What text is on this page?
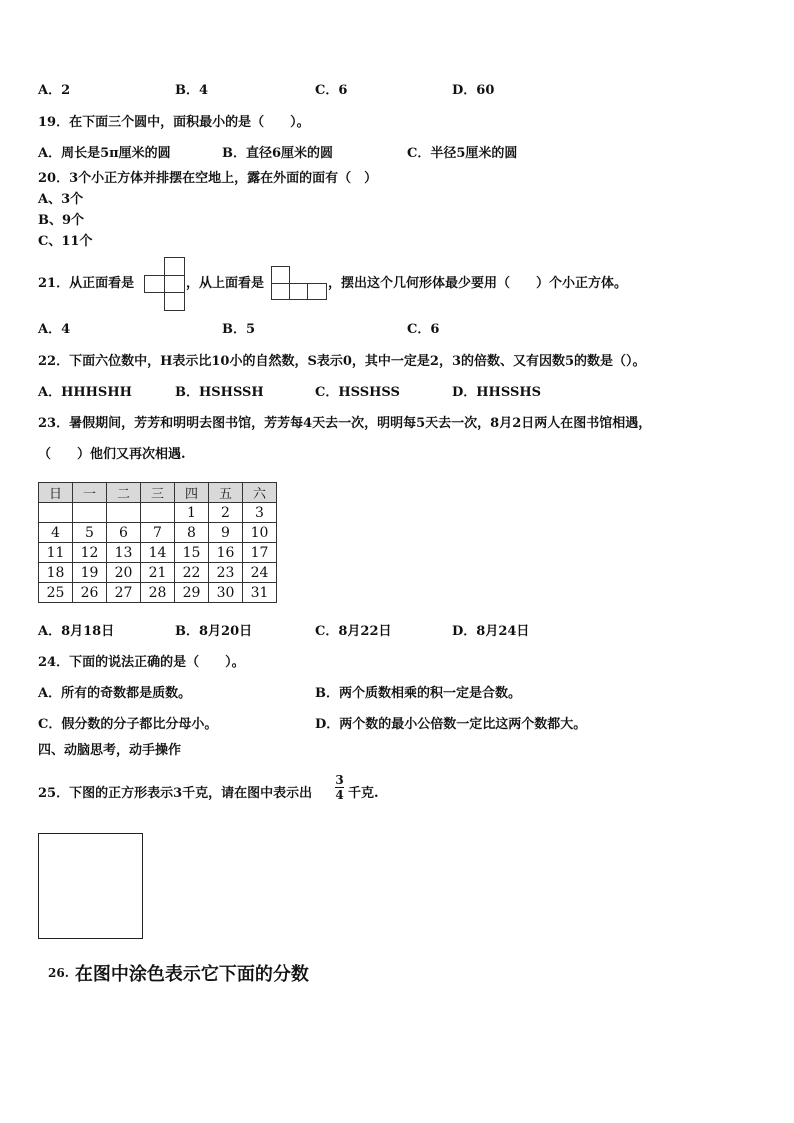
A．2	B．4	C．6	D．60
19．在下面三个圆中，面积最小的是（　　）。
A．周长是5π厘米的圆	B．直径6厘米的圆	C．半径5厘米的圆
20．3个小正方体并排摆在空地上，露在外面的面有（　）
A、3个
B、9个
C、11个
21．从正面看是	，从上面看是	，摆出这个几何形体最少要用（　　）个小正方体。
A．4	B．5	C．6
22．下面六位数中，H表示比10小的自然数，S表示0，其中一定是2，3的倍数、又有因数5的数是（）。
A．HHHSHH	B．HSHSSH	C．HSSHSS	D．HHSSHS
23．暑假期间，芳芳和明明去图书馆，芳芳每4天去一次，明明每5天去一次，8月2日两人在图书馆相遇，
（　　）他们又再次相遇.
日	一	二	三	四	五	六
				1	2	3
4	5	6	7	8	9	10
11	12	13	14	15	16	17
18	19	20	21	22	23	24
25	26	27	28	29	30	31
A．8月18日	B．8月20日	C．8月22日	D．8月24日
24．下面的说法正确的是（　　）。
A．所有的奇数都是质数。	B．两个质数相乘的积一定是合数。
C．假分数的分子都比分母小。	D．两个数的最小公倍数一定比这两个数都大。
四、动脑思考，动手操作
25．下图的正方形表示3千克，请在图中表示出
3
4 千克.
26. 在图中涂色表示它下面的分数
